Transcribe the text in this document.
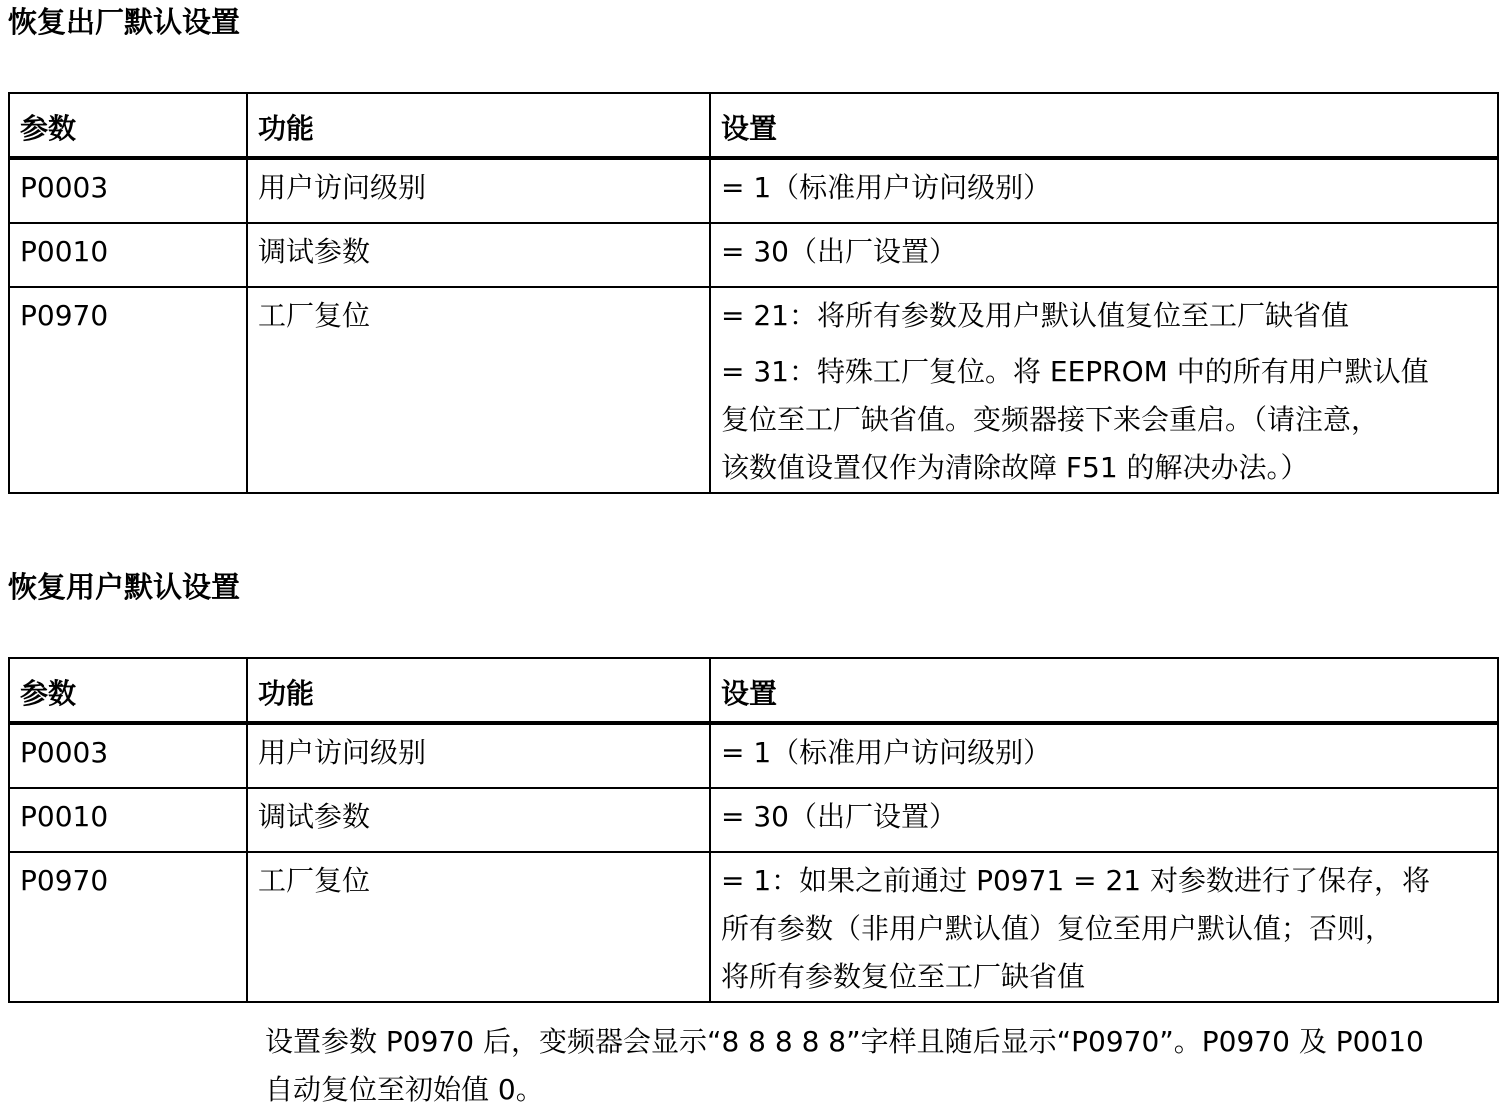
恢复出厂默认设置
参数	功能	设置
P0003	用户访问级别	= 1（标准用户访问级别）

P0010	调试参数	= 30（出厂设置）

P0970	工厂复位	= 21：将所有参数及用户默认值复位至工厂缺省值
= 31：特殊工厂复位。将 EEPROM 中的所有用户默认值
复位至工厂缺省值。变频器接下来会重启。（请注意，
该数值设置仅作为清除故障 F51 的解决办法。）
恢复用户默认设置
参数	功能	设置
P0003	用户访问级别	= 1（标准用户访问级别）

P0010	调试参数	= 30（出厂设置）

P0970	工厂复位	= 1：如果之前通过 P0971 = 21 对参数进行了保存，将
所有参数（非用户默认值）复位至用户默认值；否则，
将所有参数复位至工厂缺省值

设置参数 P0970 后，变频器会显示“8 8 8 8 8”字样且随后显示“P0970”。P0970 及 P0010
自动复位至初始值 0。
